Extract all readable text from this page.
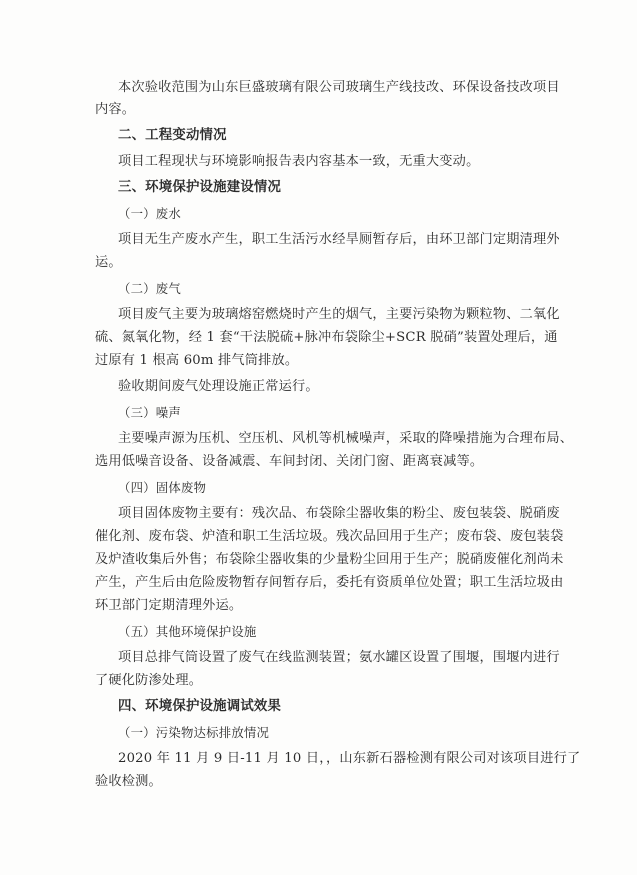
本次验收范围为山东巨盛玻璃有限公司玻璃生产线技改、环保设备技改项目
内容。
二、工程变动情况
项目工程现状与环境影响报告表内容基本一致，无重大变动。
三、环境保护设施建设情况
（一）废水
项目无生产废水产生，职工生活污水经旱厕暂存后，由环卫部门定期清理外
运。
（二）废气
项目废气主要为玻璃熔窑燃烧时产生的烟气，主要污染物为颗粒物、二氧化
硫、氮氧化物，经 1 套“干法脱硫+脉冲布袋除尘+SCR 脱硝”装置处理后，通
过原有 1 根高 60m 排气筒排放。
验收期间废气处理设施正常运行。
（三）噪声
主要噪声源为压机、空压机、风机等机械噪声，采取的降噪措施为合理布局、
选用低噪音设备、设备减震、车间封闭、关闭门窗、距离衰减等。
（四）固体废物
项目固体废物主要有：残次品、布袋除尘器收集的粉尘、废包装袋、脱硝废
催化剂、废布袋、炉渣和职工生活垃圾。残次品回用于生产；废布袋、废包装袋
及炉渣收集后外售；布袋除尘器收集的少量粉尘回用于生产；脱硝废催化剂尚未
产生，产生后由危险废物暂存间暂存后，委托有资质单位处置；职工生活垃圾由
环卫部门定期清理外运。
（五）其他环境保护设施
项目总排气筒设置了废气在线监测装置；氨水罐区设置了围堰，围堰内进行
了硬化防渗处理。
四、环境保护设施调试效果
（一）污染物达标排放情况
2020 年 11 月 9 日-11 月 10 日，，山东新石器检测有限公司对该项目进行了
验收检测。
